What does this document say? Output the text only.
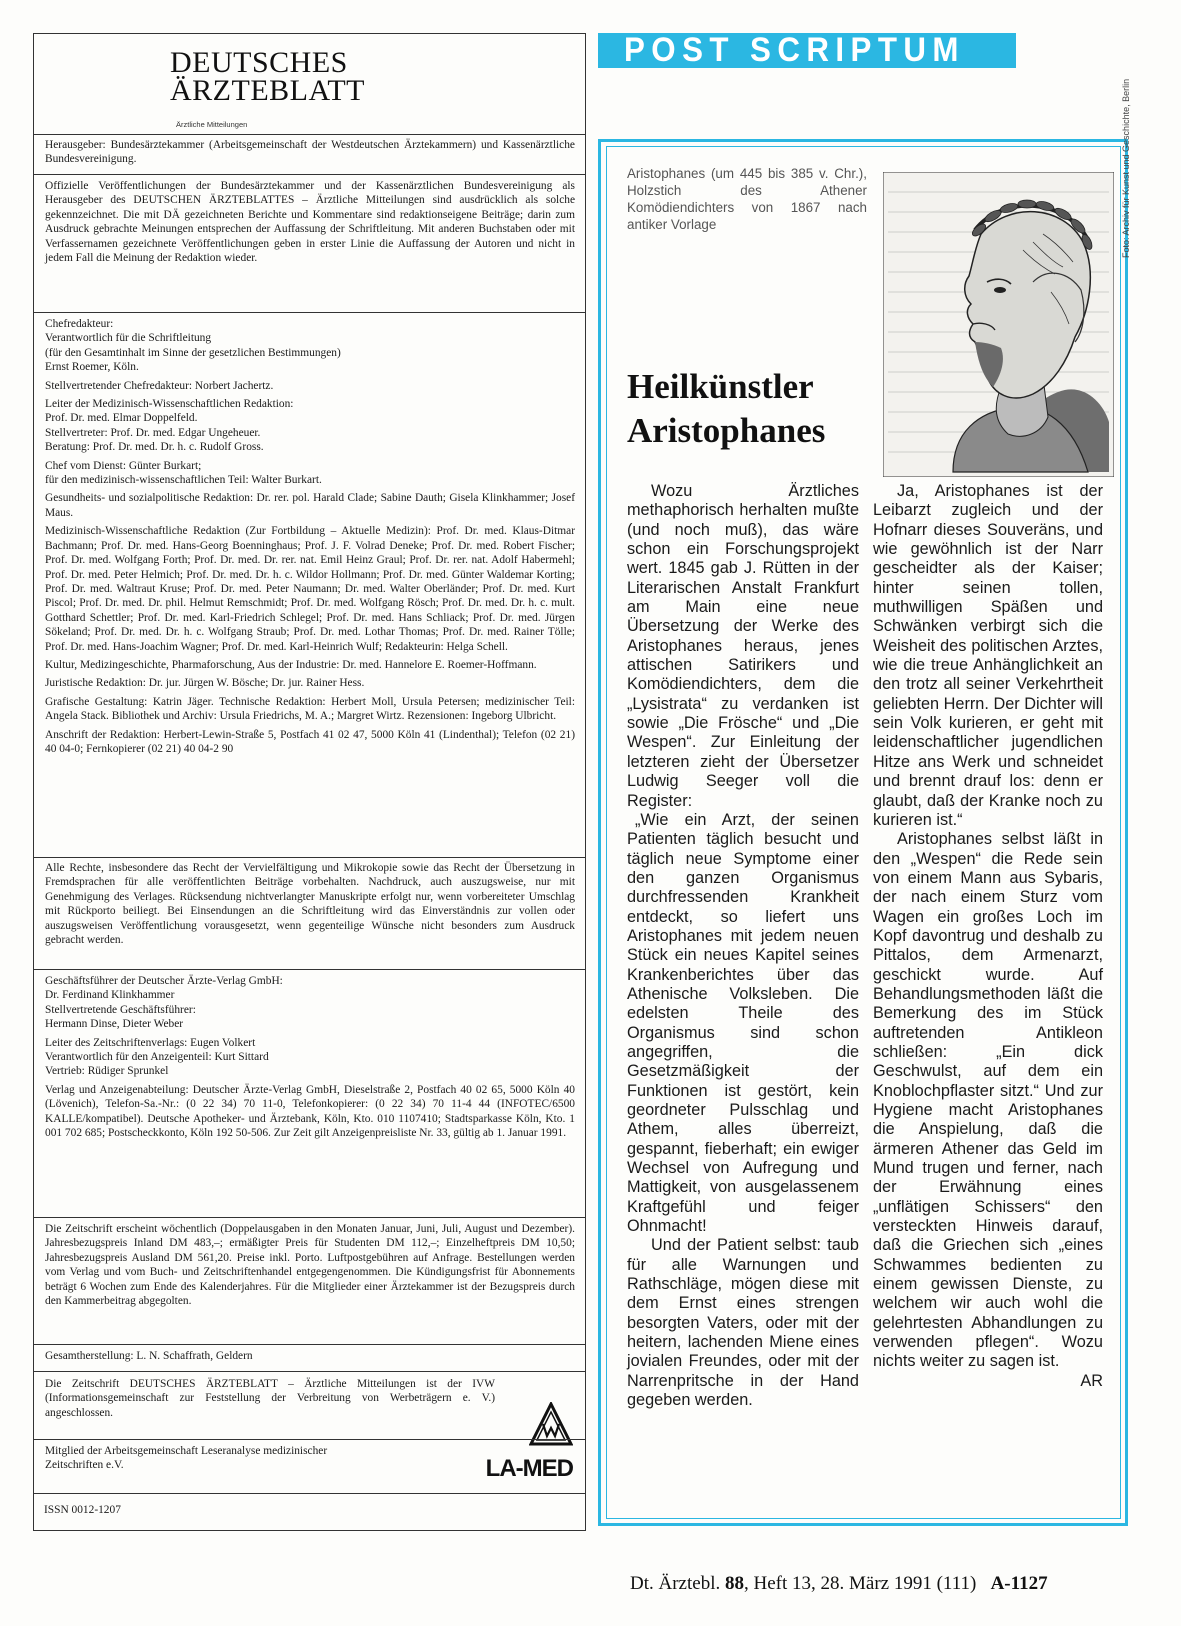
DEUTSCHES
ÄRZTEBLATT
Ärztliche Mitteilungen

Herausgeber: Bundesärztekammer (Arbeitsgemeinschaft der Westdeutschen Ärztekammern) und Kassenärztliche Bundesvereinigung.

Offizielle Veröffentlichungen der Bundesärztekammer und der Kassenärztlichen Bundesvereinigung als Herausgeber des DEUTSCHEN ÄRZTEBLATTES – Ärztliche Mitteilungen sind ausdrücklich als solche gekennzeichnet. Die mit DÄ gezeichneten Berichte und Kommentare sind redaktionseigene Beiträge; darin zum Ausdruck gebrachte Meinungen entsprechen der Auffassung der Schriftleitung. Mit anderen Buchstaben oder mit Verfassernamen gezeichnete Veröffentlichungen geben in erster Linie die Auffassung der Autoren und nicht in jedem Fall die Meinung der Redaktion wieder.

Chefredakteur:

Verantwortlich für die Schriftleitung

(für den Gesamtinhalt im Sinne der gesetzlichen Bestimmungen)

Ernst Roemer, Köln.

Stellvertretender Chefredakteur: Norbert Jachertz.

Leiter der Medizinisch-Wissenschaftlichen Redaktion:

Prof. Dr. med. Elmar Doppelfeld.

Stellvertreter: Prof. Dr. med. Edgar Ungeheuer.

Beratung: Prof. Dr. med. Dr. h. c. Rudolf Gross.

Chef vom Dienst: Günter Burkart;

für den medizinisch-wissenschaftlichen Teil: Walter Burkart.

Gesundheits- und sozialpolitische Redaktion: Dr. rer. pol. Harald Clade; Sabine Dauth; Gisela Klinkhammer; Josef Maus.

Medizinisch-Wissenschaftliche Redaktion (Zur Fortbildung – Aktuelle Medizin): Prof. Dr. med. Klaus-Ditmar Bachmann; Prof. Dr. med. Hans-Georg Boenninghaus; Prof. J. F. Volrad Deneke; Prof. Dr. med. Robert Fischer; Prof. Dr. med. Wolfgang Forth; Prof. Dr. med. Dr. rer. nat. Emil Heinz Graul; Prof. Dr. rer. nat. Adolf Habermehl; Prof. Dr. med. Peter Helmich; Prof. Dr. med. Dr. h. c. Wildor Hollmann; Prof. Dr. med. Günter Waldemar Korting; Prof. Dr. med. Waltraut Kruse; Prof. Dr. med. Peter Naumann; Dr. med. Walter Oberländer; Prof. Dr. med. Kurt Piscol; Prof. Dr. med. Dr. phil. Helmut Remschmidt; Prof. Dr. med. Wolfgang Rösch; Prof. Dr. med. Dr. h. c. mult. Gotthard Schettler; Prof. Dr. med. Karl-Friedrich Schlegel; Prof. Dr. med. Hans Schliack; Prof. Dr. med. Jürgen Sökeland; Prof. Dr. med. Dr. h. c. Wolfgang Straub; Prof. Dr. med. Lothar Thomas; Prof. Dr. med. Rainer Tölle; Prof. Dr. med. Hans-Joachim Wagner; Prof. Dr. med. Karl-Heinrich Wulf; Redakteurin: Helga Schell.

Kultur, Medizingeschichte, Pharmaforschung, Aus der Industrie: Dr. med. Hannelore E. Roemer-Hoffmann.

Juristische Redaktion: Dr. jur. Jürgen W. Bösche; Dr. jur. Rainer Hess.

Grafische Gestaltung: Katrin Jäger. Technische Redaktion: Herbert Moll, Ursula Petersen; medizinischer Teil: Angela Stack. Bibliothek und Archiv: Ursula Friedrichs, M. A.; Margret Wirtz. Rezensionen: Ingeborg Ulbricht.

Anschrift der Redaktion: Herbert-Lewin-Straße 5, Postfach 41 02 47, 5000 Köln 41 (Lindenthal); Telefon (02 21) 40 04-0; Fernkopierer (02 21) 40 04-2 90

Alle Rechte, insbesondere das Recht der Vervielfältigung und Mikrokopie sowie das Recht der Übersetzung in Fremdsprachen für alle veröffentlichten Beiträge vorbehalten. Nachdruck, auch auszugsweise, nur mit Genehmigung des Verlages. Rücksendung nichtverlangter Manuskripte erfolgt nur, wenn vorbereiteter Umschlag mit Rückporto beiliegt. Bei Einsendungen an die Schriftleitung wird das Einverständnis zur vollen oder auszugsweisen Veröffentlichung vorausgesetzt, wenn gegenteilige Wünsche nicht besonders zum Ausdruck gebracht werden.

Geschäftsführer der Deutscher Ärzte-Verlag GmbH:

Dr. Ferdinand Klinkhammer

Stellvertretende Geschäftsführer:

Hermann Dinse, Dieter Weber

Leiter des Zeitschriftenverlags: Eugen Volkert

Verantwortlich für den Anzeigenteil: Kurt Sittard

Vertrieb: Rüdiger Sprunkel

Verlag und Anzeigenabteilung: Deutscher Ärzte-Verlag GmbH, Dieselstraße 2, Postfach 40 02 65, 5000 Köln 40 (Lövenich), Telefon-Sa.-Nr.: (0 22 34) 70 11-0, Telefonkopierer: (0 22 34) 70 11-4 44 (INFOTEC/6500 KALLE/kompatibel). Deutsche Apotheker- und Ärztebank, Köln, Kto. 010 1107410; Stadtsparkasse Köln, Kto. 1 001 702 685; Postscheckkonto, Köln 192 50-506. Zur Zeit gilt Anzeigenpreisliste Nr. 33, gültig ab 1. Januar 1991.

Die Zeitschrift erscheint wöchentlich (Doppelausgaben in den Monaten Januar, Juni, Juli, August und Dezember). Jahresbezugspreis Inland DM 483,–; ermäßigter Preis für Studenten DM 112,–; Einzelheftpreis DM 10,50; Jahresbezugspreis Ausland DM 561,20. Preise inkl. Porto. Luftpostgebühren auf Anfrage. Bestellungen werden vom Verlag und vom Buch- und Zeitschriftenhandel entgegengenommen. Die Kündigungsfrist für Abonnements beträgt 6 Wochen zum Ende des Kalenderjahres. Für die Mitglieder einer Ärztekammer ist der Bezugspreis durch den Kammerbeitrag abgegolten.

Gesamtherstellung: L. N. Schaffrath, Geldern

Die Zeitschrift DEUTSCHES ÄRZTEBLATT – Ärztliche Mitteilungen ist der IVW (Informationsgemeinschaft zur Feststellung der Verbreitung von Werbeträgern e. V.) angeschlossen.

Mitglied der Arbeitsgemeinschaft Leseranalyse medizinischer Zeitschriften e.V.	LA-MED
ISSN 0012-1207
POST SCRIPTUM
Aristophanes (um 445 bis 385 v. Chr.), Holzstich des Athener Komödiendichters von 1867 nach antiker Vorlage	Foto: Archiv für Kunst und Geschichte, Berlin
Heilkünstler
Aristophanes

Wozu Ärztliches methaphorisch herhalten mußte (und noch muß), das wäre schon ein Forschungsprojekt wert. 1845 gab J. Rütten in der Literarischen Anstalt Frankfurt am Main eine neue Übersetzung der Werke des Aristophanes heraus, jenes attischen Satirikers und Komödiendichters, dem die „Lysistrata“ zu verdanken ist sowie „Die Frösche“ und „Die Wespen“. Zur Einleitung der letzteren zieht der Übersetzer Ludwig Seeger voll die Register:

„Wie ein Arzt, der seinen Patienten täglich besucht und täglich neue Symptome einer den ganzen Organismus durchfressenden Krankheit entdeckt, so liefert uns Aristophanes mit jedem neuen Stück ein neues Kapitel seines Krankenberichtes über das Athenische Volksleben. Die edelsten Theile des Organismus sind schon angegriffen, die Gesetzmäßigkeit der Funktionen ist gestört, kein geordneter Pulsschlag und Athem, alles überreizt, gespannt, fieberhaft; ein ewiger Wechsel von Aufregung und Mattigkeit, von ausgelassenem Kraftgefühl und feiger Ohnmacht!

Und der Patient selbst: taub für alle Warnungen und Rathschläge, mögen diese mit dem Ernst eines strengen besorgten Vaters, oder mit der heitern, lachenden Miene eines jovialen Freundes, oder mit der Narrenpritsche in der Hand gegeben werden.

Ja, Aristophanes ist der Leibarzt zugleich und der Hofnarr dieses Souveräns, und wie gewöhnlich ist der Narr gescheidter als der Kaiser; hinter seinen tollen, muthwilligen Späßen und Schwänken verbirgt sich die Weisheit des politischen Arztes, wie die treue Anhänglichkeit an den trotz all seiner Verkehrtheit geliebten Herrn. Der Dichter will sein Volk kurieren, er geht mit leidenschaftlicher jugendlichen Hitze ans Werk und schneidet und brennt drauf los: denn er glaubt, daß der Kranke noch zu kurieren ist.“

Aristophanes selbst läßt in den „Wespen“ die Rede sein von einem Mann aus Sybaris, der nach einem Sturz vom Wagen ein großes Loch im Kopf davontrug und deshalb zu Pittalos, dem Armenarzt, geschickt wurde. Auf Behandlungsmethoden läßt die Bemerkung des im Stück auftretenden Antikleon schließen: „Ein dick Geschwulst, auf dem ein Knoblochpflaster sitzt.“ Und zur Hygiene macht Aristophanes die Anspielung, daß die ärmeren Athener das Geld im Mund trugen und ferner, nach der Erwähnung eines „unflätigen Schissers“ den versteckten Hinweis darauf, daß die Griechen sich „eines Schwammes bedienten zu einem gewissen Dienste, zu welchem wir auch wohl die gelehrtesten Abhandlungen zu verwenden pflegen“. Wozu nichts weiter zu sagen ist.
AR

Dt. Ärztebl. 88, Heft 13, 28. März 1991 (111) A-1127
